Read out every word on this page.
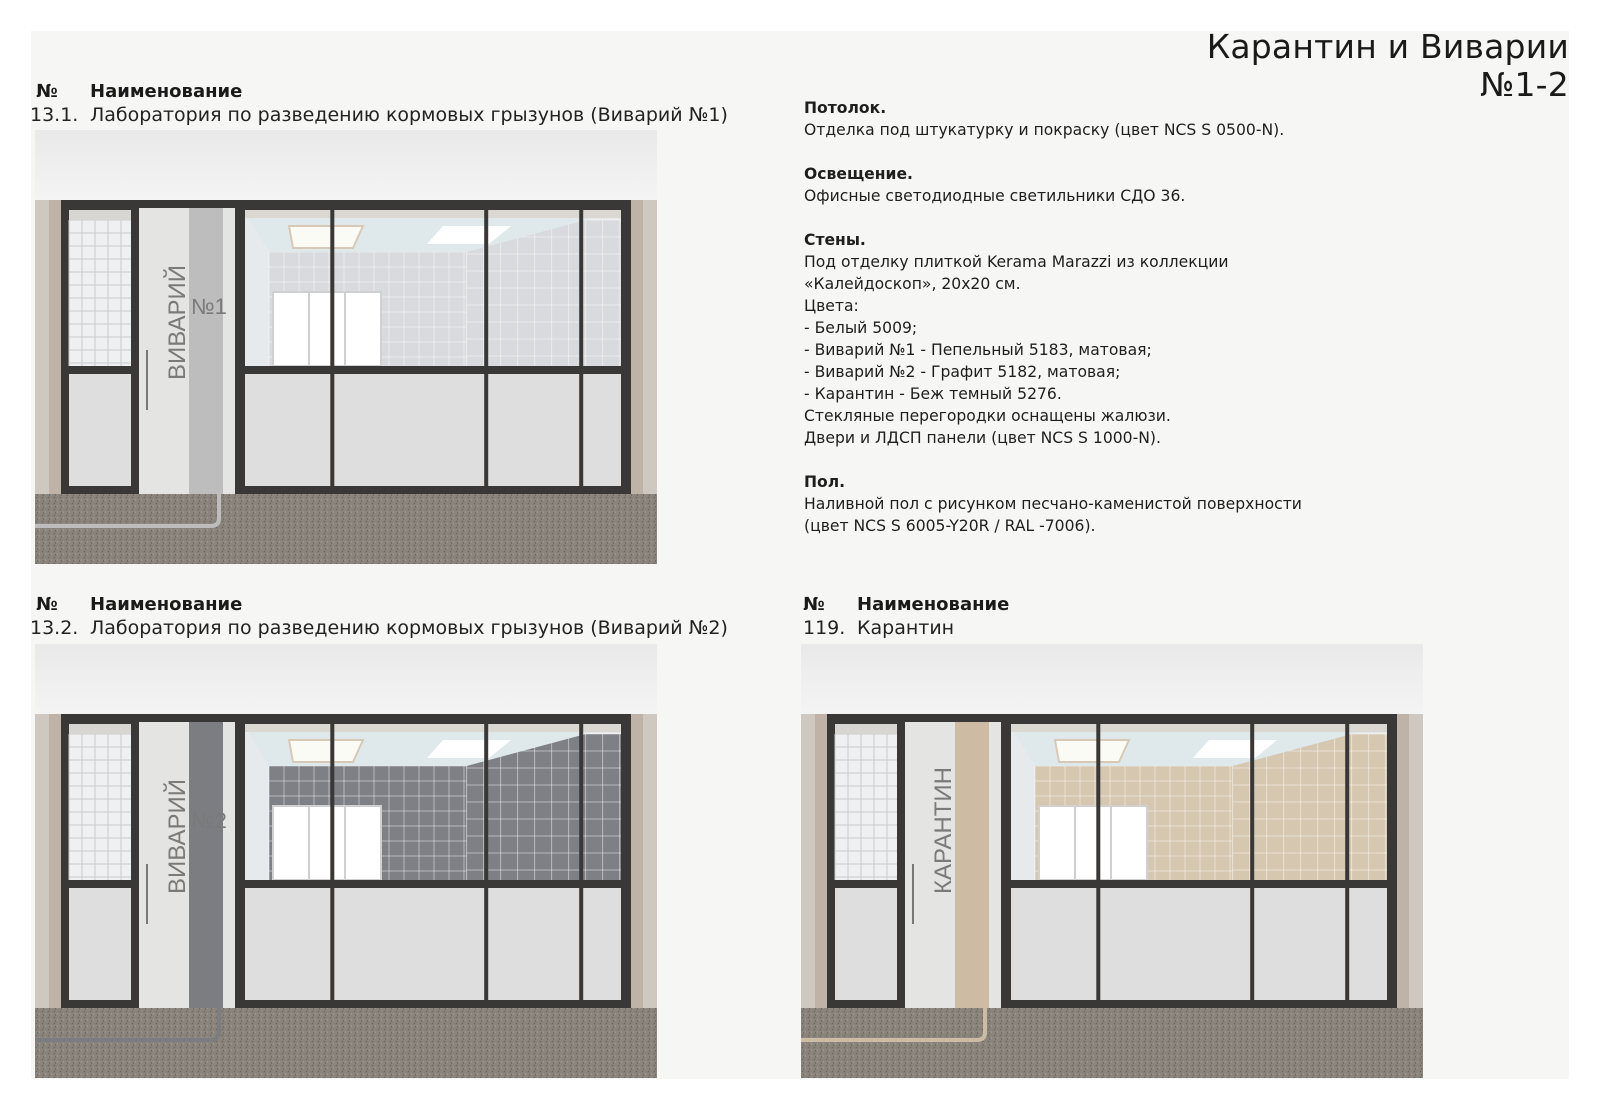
Карантин и Виварии
№1-2
№ Наименование
13.1. Лаборатория по разведению кормовых грызунов (Виварий №1)
№ Наименование
13.2. Лаборатория по разведению кормовых грызунов (Виварий №2)
№ Наименование
119. Карантин
Потолок.
Отделка под штукатурку и покраску (цвет NCS S 0500-N).
Освещение.
Офисные светодиодные светильники СДО 36.
Стены.
Под отделку плиткой Kerama Marazzi из коллекции
«Калейдоскоп», 20х20 см.
Цвета:
- Белый 5009;
- Виварий №1 - Пепельный 5183, матовая;
- Виварий №2 - Графит 5182, матовая;
- Карантин - Беж темный 5276.
Стекляные перегородки оснащены жалюзи.
Двери и ЛДСП панели (цвет NCS S 1000-N).
Пол.
Наливной пол с рисунком песчано-каменистой поверхности
(цвет NCS S 6005-Y20R / RAL -7006).
ВИВАРИЙ №1
ВИВАРИЙ №2	КАРАНТИН
